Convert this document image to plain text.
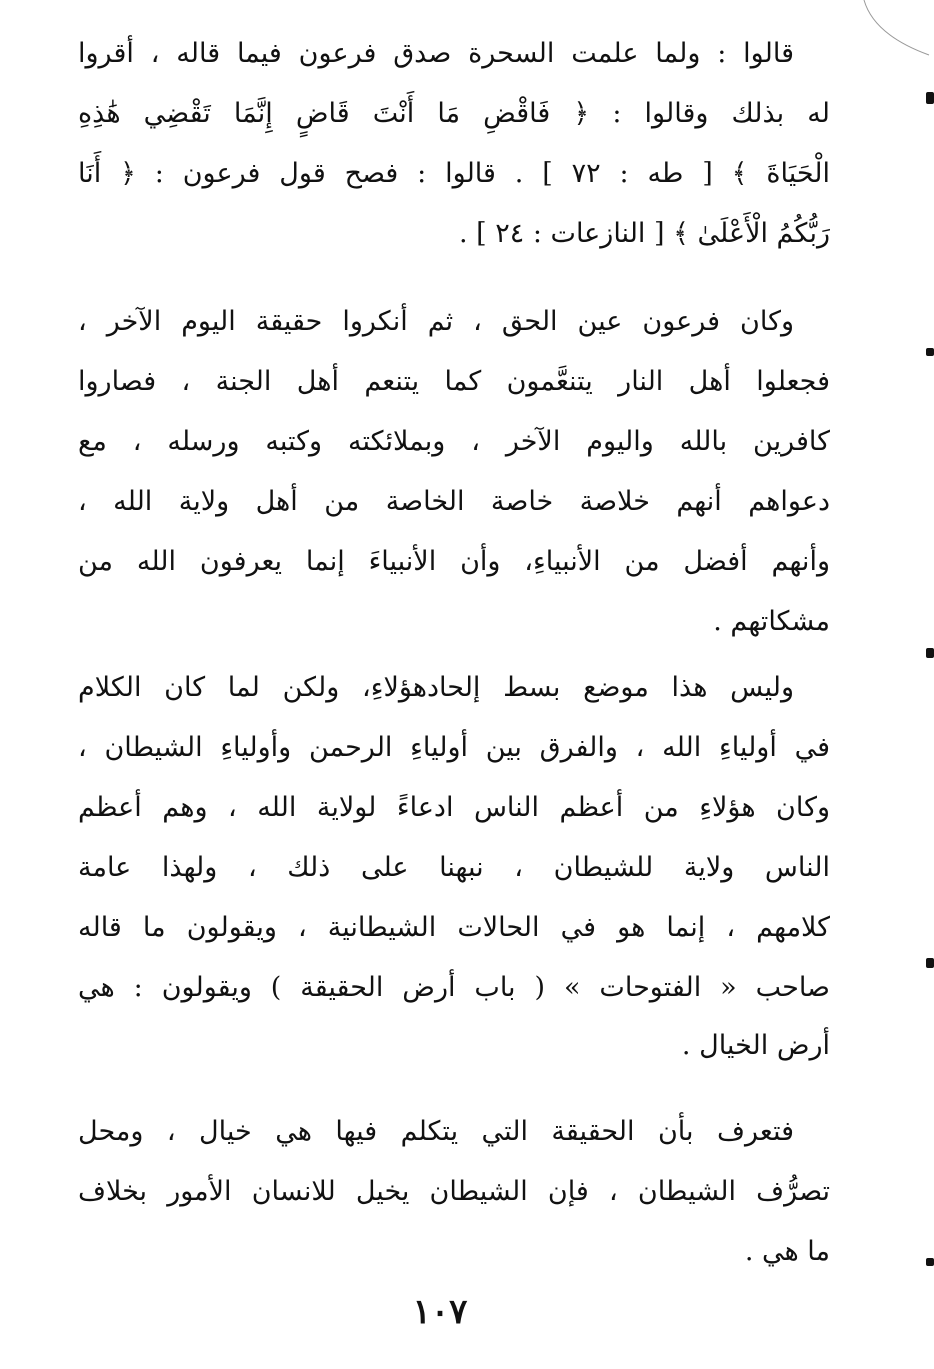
قالوا : ولما علمت السحرة صدق فرعون فيما قاله ، أقروا
له بذلك وقالوا : ﴿ فَاقْضِ مَا أَنْتَ قَاضٍ إِنَّمَا تَقْضِي هَٰذِهِ
الْحَيَاةَ ﴾ [ طه : ٧٢ ] . قالوا : فصح قول فرعون : ﴿ أَنَا
رَبُّكُمُ الْأَعْلَىٰ ﴾ [ النازعات : ٢٤ ] .
وكان فرعون عين الحق ، ثم أنكروا حقيقة اليوم الآخر ،
فجعلوا أهل النار يتنعَّمون كما يتنعم أهل الجنة ، فصاروا
كافرين بالله واليوم الآخر ، وبملائكته وكتبه ورسله ، مع
دعواهم أنهم خلاصة خاصة الخاصة من أهل ولاية الله ،
وأنهم أفضل من الأنبياءِ، وأن الأنبياءَ إنما يعرفون الله من
مشكاتهم .
وليس هذا موضع بسط إلحادهؤلاءِ، ولكن لما كان الكلام
في أولياءِ الله ، والفرق بين أولياءِ الرحمن وأولياءِ الشيطان ،
وكان هؤلاءِ من أعظم الناس ادعاءً لولاية الله ، وهم أعظم
الناس ولاية للشيطان ، نبهنا على ذلك ، ولهذا عامة
كلامهم ، إنما هو في الحالات الشيطانية ، ويقولون ما قاله
صاحب « الفتوحات » ( باب أرض الحقيقة ) ويقولون : هي
أرض الخيال .
فتعرف بأن الحقيقة التي يتكلم فيها هي خيال ، ومحل
تصرُّف الشيطان ، فإن الشيطان يخيل للانسان الأمور بخلاف
ما هي .
١٠٧
